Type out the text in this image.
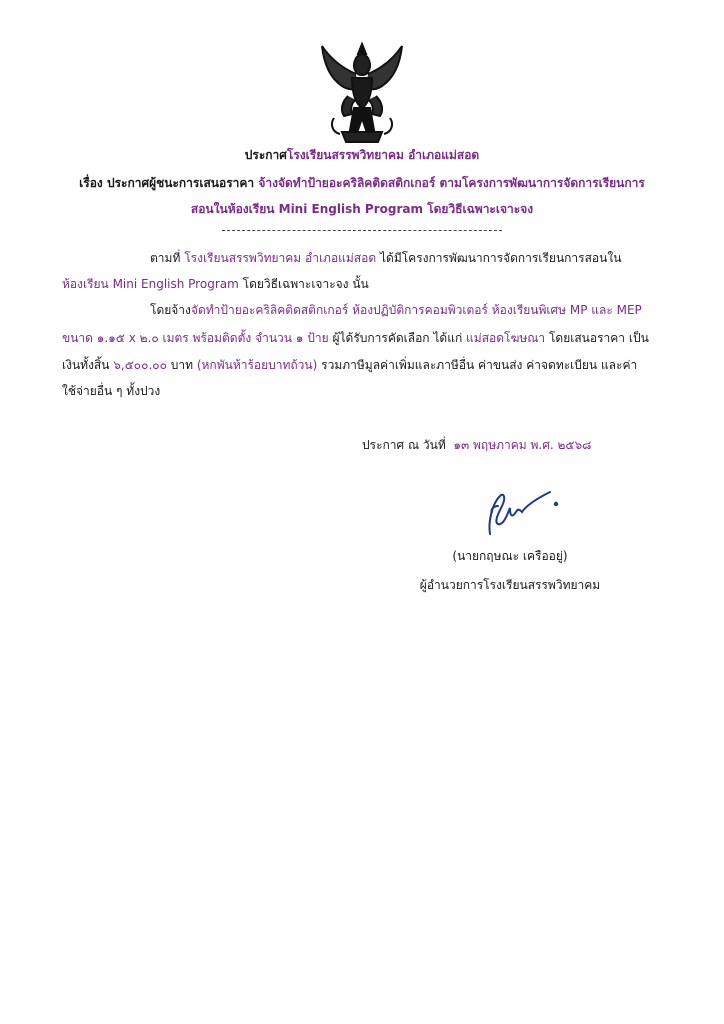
ประกาศโรงเรียนสรรพวิทยาคม อำเภอแม่สอด
เรื่อง ประกาศผู้ชนะการเสนอราคา จ้างจัดทำป้ายอะคริลิคติดสติกเกอร์ ตามโครงการพัฒนาการจัดการเรียนการ
สอนในห้องเรียน Mini English Program โดยวิธีเฉพาะเจาะจง
ตามที่ โรงเรียนสรรพวิทยาคม อำเภอแม่สอด ได้มีโครงการพัฒนาการจัดการเรียนการสอนใน
ห้องเรียน Mini English Program โดยวิธีเฉพาะเจาะจง นั้น
โดยจ้างจัดทำป้ายอะคริลิคติดสติกเกอร์ ห้องปฏิบัติการคอมพิวเตอร์ ห้องเรียนพิเศษ MP และ MEP
ขนาด ๑.๑๕ x ๒.๐ เมตร พร้อมติดตั้ง จำนวน ๑ ป้าย ผู้ได้รับการคัดเลือก ได้แก่ แม่สอดโฆษณา โดยเสนอราคา เป็น
เงินทั้งสิ้น ๖,๕๐๐.๐๐ บาท (หกพันห้าร้อยบาทถ้วน) รวมภาษีมูลค่าเพิ่มและภาษีอื่น ค่าขนส่ง ค่าจดทะเบียน และค่า
ใช้จ่ายอื่น ๆ ทั้งปวง
ประกาศ ณ วันที่ ๑๓ พฤษภาคม พ.ศ. ๒๕๖๘
(นายกฤษณะ เครืออยู่)
ผู้อำนวยการโรงเรียนสรรพวิทยาคม
